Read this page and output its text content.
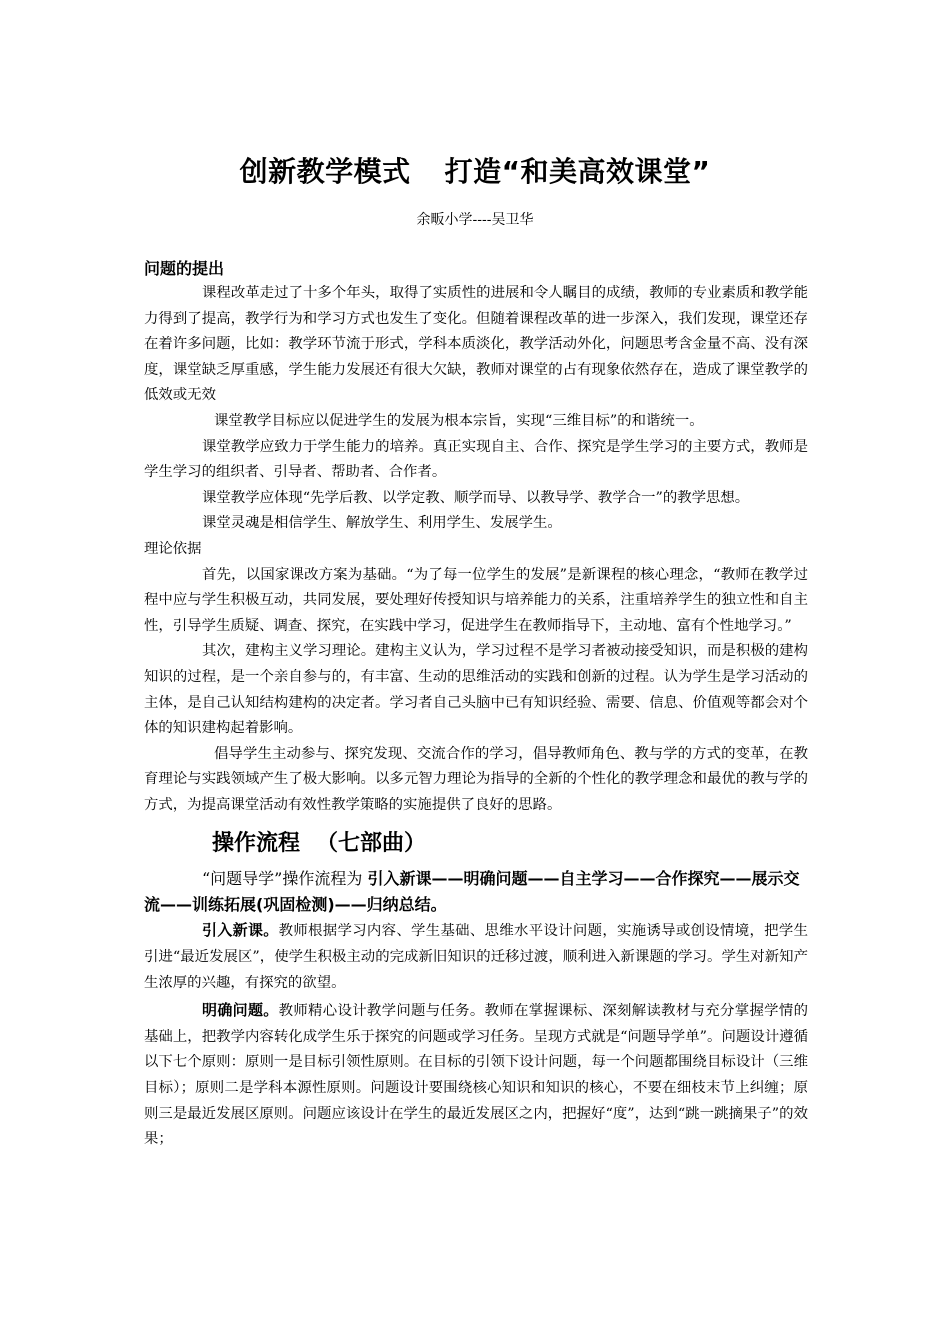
创新教学模式 打造“和美高效课堂”
余畈小学----吴卫华
问题的提出

课程改革走过了十多个年头，取得了实质性的进展和令人瞩目的成绩，教师的专业素质和教学能力得到了提高，教学行为和学习方式也发生了变化。但随着课程改革的进一步深入，我们发现，课堂还存在着许多问题，比如：教学环节流于形式，学科本质淡化，教学活动外化，问题思考含金量不高、没有深度，课堂缺乏厚重感，学生能力发展还有很大欠缺，教师对课堂的占有现象依然存在，造成了课堂教学的低效或无效

课堂教学目标应以促进学生的发展为根本宗旨，实现“三维目标”的和谐统一。

课堂教学应致力于学生能力的培养。真正实现自主、合作、探究是学生学习的主要方式，教师是学生学习的组织者、引导者、帮助者、合作者。

课堂教学应体现“先学后教、以学定教、顺学而导、以教导学、教学合一”的教学思想。

课堂灵魂是相信学生、解放学生、利用学生、发展学生。

理论依据

首先，以国家课改方案为基础。“为了每一位学生的发展”是新课程的核心理念，“教师在教学过程中应与学生积极互动，共同发展，要处理好传授知识与培养能力的关系，注重培养学生的独立性和自主性，引导学生质疑、调查、探究，在实践中学习，促进学生在教师指导下，主动地、富有个性地学习。”

其次，建构主义学习理论。建构主义认为，学习过程不是学习者被动接受知识，而是积极的建构知识的过程，是一个亲自参与的，有丰富、生动的思维活动的实践和创新的过程。认为学生是学习活动的主体，是自己认知结构建构的决定者。学习者自己头脑中已有知识经验、需要、信息、价值观等都会对个体的知识建构起着影响。

倡导学生主动参与、探究发现、交流合作的学习，倡导教师角色、教与学的方式的变革，在教育理论与实践领域产生了极大影响。以多元智力理论为指导的全新的个性化的教学理念和最优的教与学的方式，为提高课堂活动有效性教学策略的实施提供了良好的思路。

操作流程 （七部曲）

“问题导学”操作流程为 引入新课——明确问题——自主学习——合作探究——展示交流——训练拓展(巩固检测)——归纳总结。

引入新课。教师根据学习内容、学生基础、思维水平设计问题，实施诱导或创设情境，把学生引进“最近发展区”，使学生积极主动的完成新旧知识的迁移过渡，顺利进入新课题的学习。学生对新知产生浓厚的兴趣，有探究的欲望。

明确问题。教师精心设计教学问题与任务。教师在掌握课标、深刻解读教材与充分掌握学情的基础上，把教学内容转化成学生乐于探究的问题或学习任务。呈现方式就是“问题导学单”。问题设计遵循以下七个原则：原则一是目标引领性原则。在目标的引领下设计问题，每一个问题都围绕目标设计（三维目标）；原则二是学科本源性原则。问题设计要围绕核心知识和知识的核心，不要在细枝末节上纠缠；原则三是最近发展区原则。问题应该设计在学生的最近发展区之内，把握好“度”，达到“跳一跳摘果子”的效果；
